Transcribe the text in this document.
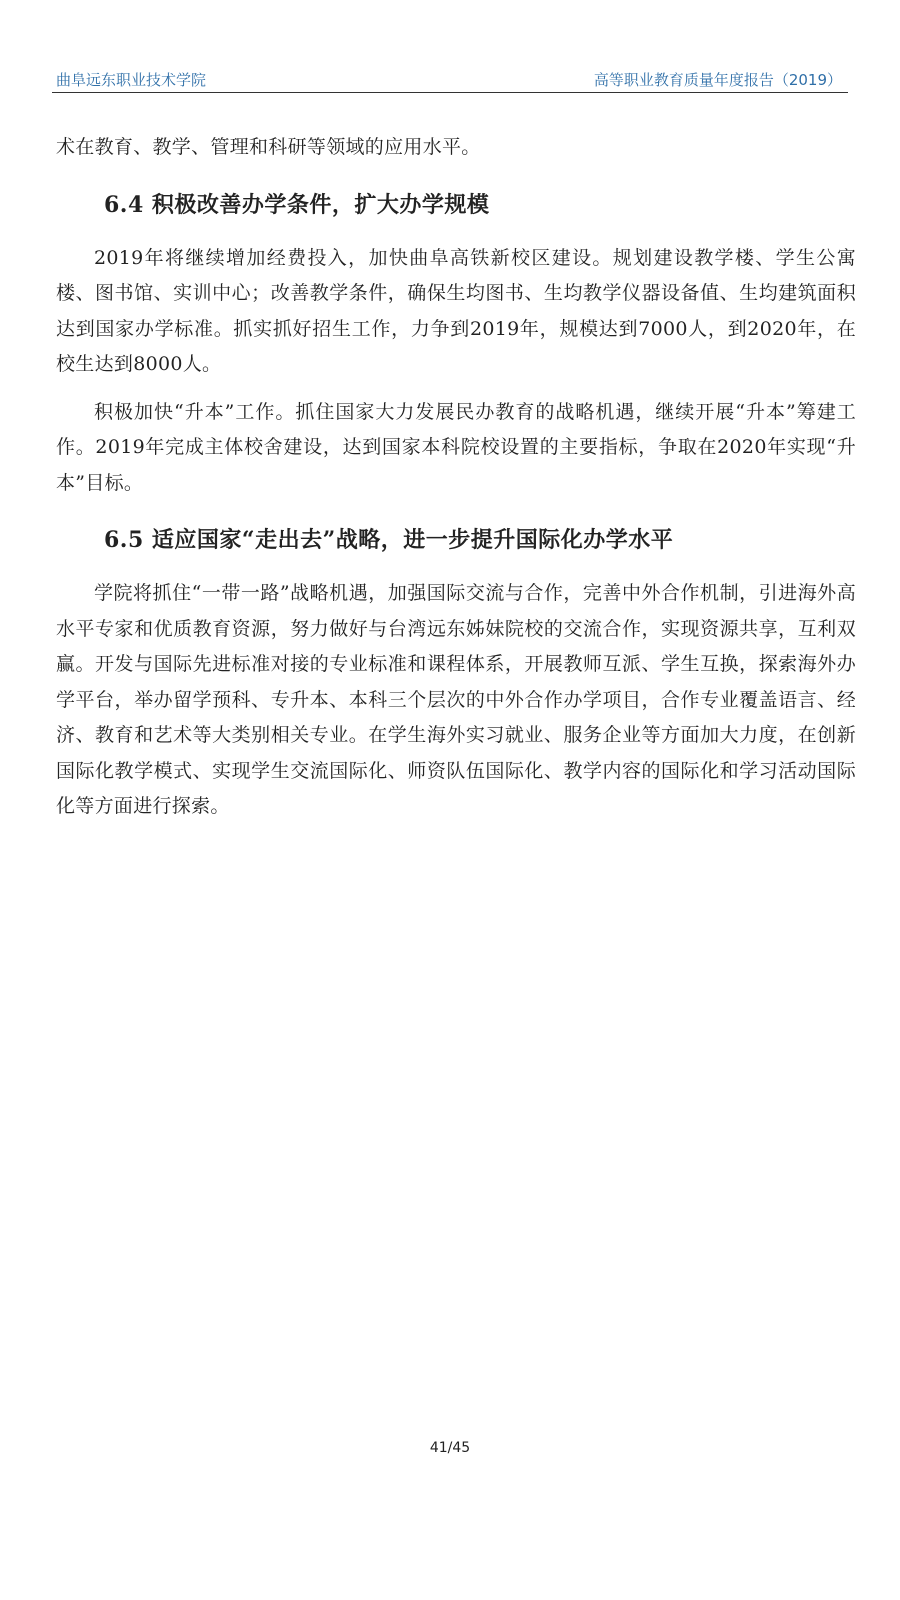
曲阜远东职业技术学院	高等职业教育质量年度报告（2019）

术在教育、教学、管理和科研等领域的应用水平。

6.4 积极改善办学条件，扩大办学规模

2019年将继续增加经费投入，加快曲阜高铁新校区建设。规划建设教学楼、学生公寓楼、图书馆、实训中心；改善教学条件，确保生均图书、生均教学仪器设备值、生均建筑面积达到国家办学标准。抓实抓好招生工作，力争到2019年，规模达到7000人，到2020年，在校生达到8000人。

积极加快“升本”工作。抓住国家大力发展民办教育的战略机遇，继续开展“升本”筹建工作。2019年完成主体校舍建设，达到国家本科院校设置的主要指标，争取在2020年实现“升本”目标。

6.5 适应国家“走出去”战略，进一步提升国际化办学水平

学院将抓住“一带一路”战略机遇，加强国际交流与合作，完善中外合作机制，引进海外高水平专家和优质教育资源，努力做好与台湾远东姊妹院校的交流合作，实现资源共享，互利双赢。开发与国际先进标准对接的专业标准和课程体系，开展教师互派、学生互换，探索海外办学平台，举办留学预科、专升本、本科三个层次的中外合作办学项目，合作专业覆盖语言、经济、教育和艺术等大类别相关专业。在学生海外实习就业、服务企业等方面加大力度，在创新国际化教学模式、实现学生交流国际化、师资队伍国际化、教学内容的国际化和学习活动国际化等方面进行探索。

41/45
